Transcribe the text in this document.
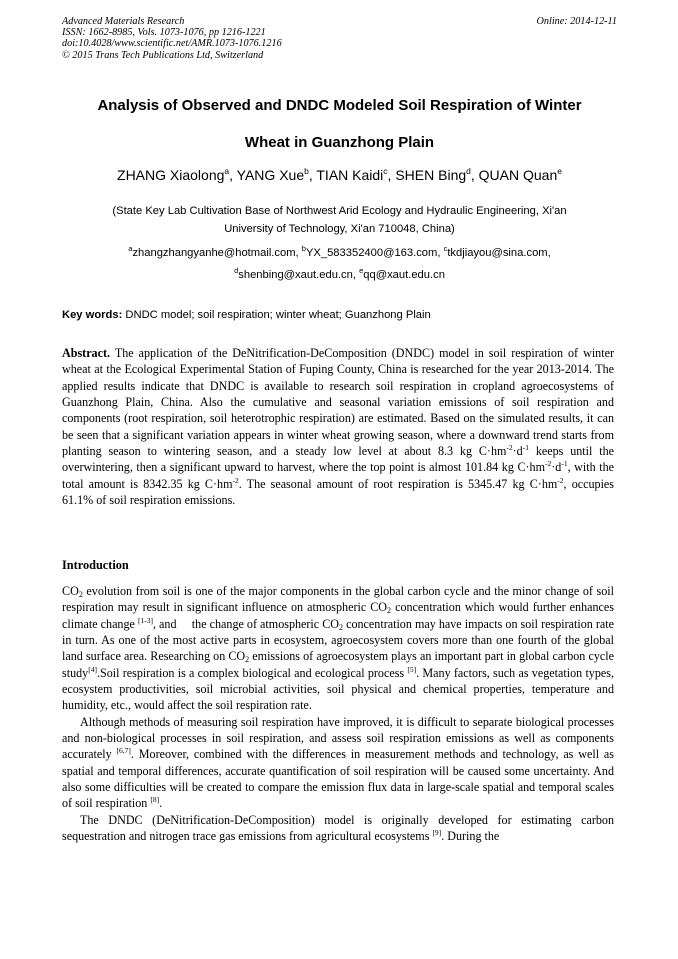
Advanced Materials Research
ISSN: 1662-8985, Vols. 1073-1076, pp 1216-1221
doi:10.4028/www.scientific.net/AMR.1073-1076.1216
© 2015 Trans Tech Publications Ltd, Switzerland
Online: 2014-12-11
Analysis of Observed and DNDC Modeled Soil Respiration of Winter
Wheat in Guanzhong Plain
ZHANG Xiaolong$^a$, YANG Xue$^b$, TIAN Kaidi$^c$, SHEN Bing$^d$, QUAN Quan$^e$
(State Key Lab Cultivation Base of Northwest Arid Ecology and Hydraulic Engineering, Xi'an
University of Technology, Xi'an 710048, China)
$^a$zhangzhangyanhe@hotmail.com, $^b$YX_583352400@163.com, $^c$tkdjiayou@sina.com,
$^d$shenbing@xaut.edu.cn, $^e$qq@xaut.edu.cn
Key words: DNDC model; soil respiration; winter wheat; Guanzhong Plain

Abstract. The application of the DeNitrification-DeComposition (DNDC) model in soil respiration of winter wheat at the Ecological Experimental Station of Fuping County, China is researched for the year 2013-2014. The applied results indicate that DNDC is available to research soil respiration in cropland agroecosystems of Guanzhong Plain, China. Also the cumulative and seasonal variation emissions of soil respiration and components (root respiration, soil heterotrophic respiration) are estimated. Based on the simulated results, it can be seen that a significant variation appears in winter wheat growing season, where a downward trend starts from planting season to wintering season, and a steady low level at about 8.3 kg $C\cdot hm^{-2}\cdot d^{-1}$ keeps until the overwintering, then a significant upward to harvest, where the top point is almost 101.84 kg $C\cdot hm^{-2}\cdot d^{-1}$, with the total amount is 8342.35 kg $C\cdot hm^{-2}$. The seasonal amount of root respiration is 5345.47 kg $C\cdot hm^{-2}$, occupies 61.1% of soil respiration emissions.

Introduction

$CO_2$ evolution from soil is one of the major components in the global carbon cycle and the minor change of soil respiration may result in significant influence on atmospheric $CO_2$ concentration which would further enhances climate change [1-3], and     the change of atmospheric $CO_2$ concentration may have impacts on soil respiration rate in turn. As one of the most active parts in ecosystem, agroecosystem covers more than one fourth of the global land surface area. Researching on $CO_2$ emissions of agroecosystem plays an important part in global carbon cycle study[4].Soil respiration is a complex biological and ecological process [5]. Many factors, such as vegetation types, ecosystem productivities, soil microbial activities, soil physical and chemical properties, temperature and humidity, etc., would affect the soil respiration rate.

Although methods of measuring soil respiration have improved, it is difficult to separate biological processes and non-biological processes in soil respiration, and assess soil respiration emissions as well as components accurately [6,7]. Moreover, combined with the differences in measurement methods and technology, as well as spatial and temporal differences, accurate quantification of soil respiration will be caused some uncertainty. And also some difficulties will be created to compare the emission flux data in large-scale spatial and temporal scales of soil respiration [8].

The DNDC (DeNitrification-DeComposition) model is originally developed for estimating carbon sequestration and nitrogen trace gas emissions from agricultural ecosystems [9]. During the
